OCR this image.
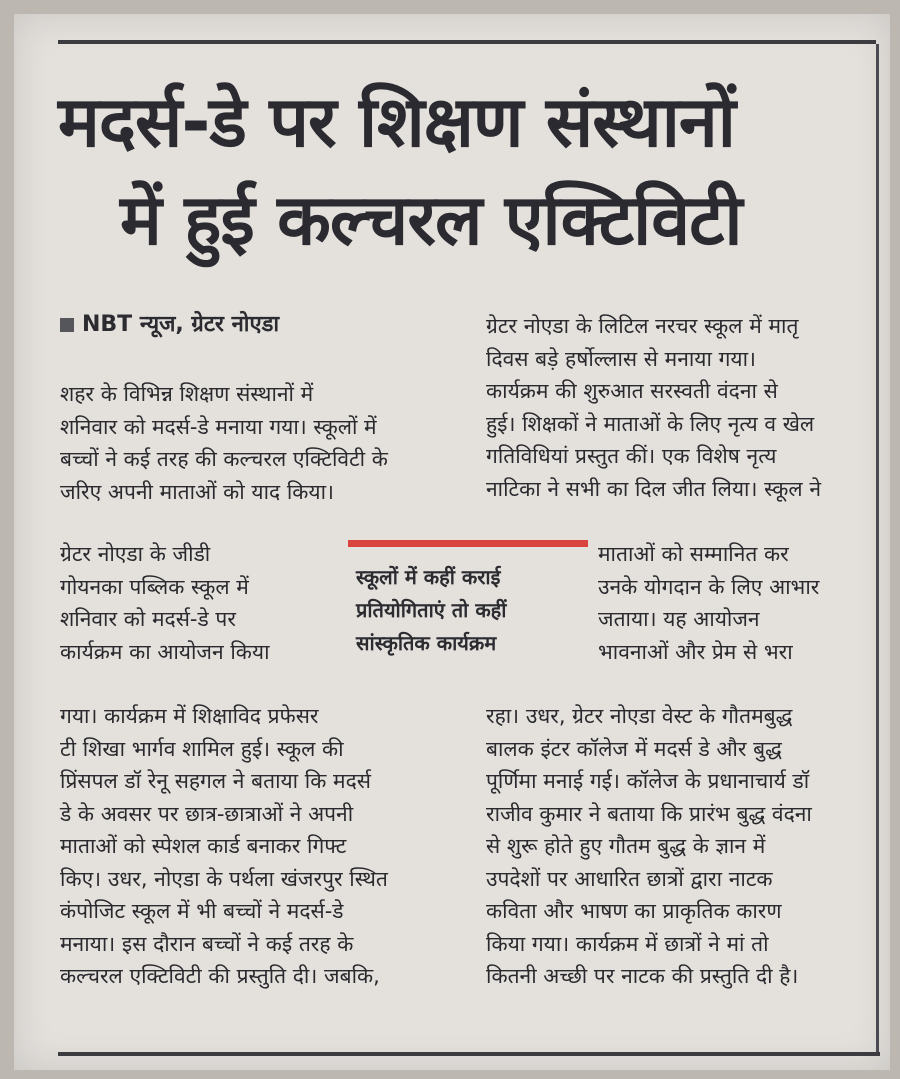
मदर्स-डे पर शिक्षण संस्थानों
में हुई कल्चरल एक्टिविटी
NBT न्यूज, ग्रेटर नोएडा
शहर के विभिन्न शिक्षण संस्थानों में
शनिवार को मदर्स-डे मनाया गया। स्कूलों में
बच्चों ने कई तरह की कल्चरल एक्टिविटी के
जरिए अपनी माताओं को याद किया।
ग्रेटर नोएडा के जीडी
गोयनका पब्लिक स्कूल में
शनिवार को मदर्स-डे पर
कार्यक्रम का आयोजन किया
गया। कार्यक्रम में शिक्षाविद प्रफेसर
टी शिखा भार्गव शामिल हुई। स्कूल की
प्रिंसपल डॉ रेनू सहगल ने बताया कि मदर्स
डे के अवसर पर छात्र-छात्राओं ने अपनी
माताओं को स्पेशल कार्ड बनाकर गिफ्ट
किए। उधर, नोएडा के पर्थला खंजरपुर स्थित
कंपोजिट स्कूल में भी बच्चों ने मदर्स-डे
मनाया। इस दौरान बच्चों ने कई तरह के
कल्चरल एक्टिविटी की प्रस्तुति दी। जबकि,
स्कूलों में कहीं कराई
प्रतियोगिताएं तो कहीं
सांस्कृतिक कार्यक्रम
ग्रेटर नोएडा के लिटिल नरचर स्कूल में मातृ
दिवस बड़े हर्षोल्लास से मनाया गया।
कार्यक्रम की शुरुआत सरस्वती वंदना से
हुई। शिक्षकों ने माताओं के लिए नृत्य व खेल
गतिविधियां प्रस्तुत कीं। एक विशेष नृत्य
नाटिका ने सभी का दिल जीत लिया। स्कूल ने
माताओं को सम्मानित कर
उनके योगदान के लिए आभार
जताया। यह आयोजन
भावनाओं और प्रेम से भरा
रहा। उधर, ग्रेटर नोएडा वेस्ट के गौतमबुद्ध
बालक इंटर कॉलेज में मदर्स डे और बुद्ध
पूर्णिमा मनाई गई। कॉलेज के प्रधानाचार्य डॉ
राजीव कुमार ने बताया कि प्रारंभ बुद्ध वंदना
से शुरू होते हुए गौतम बुद्ध के ज्ञान में
उपदेशों पर आधारित छात्रों द्वारा नाटक
कविता और भाषण का प्राकृतिक कारण
किया गया। कार्यक्रम में छात्रों ने मां तो
कितनी अच्छी पर नाटक की प्रस्तुति दी है।
